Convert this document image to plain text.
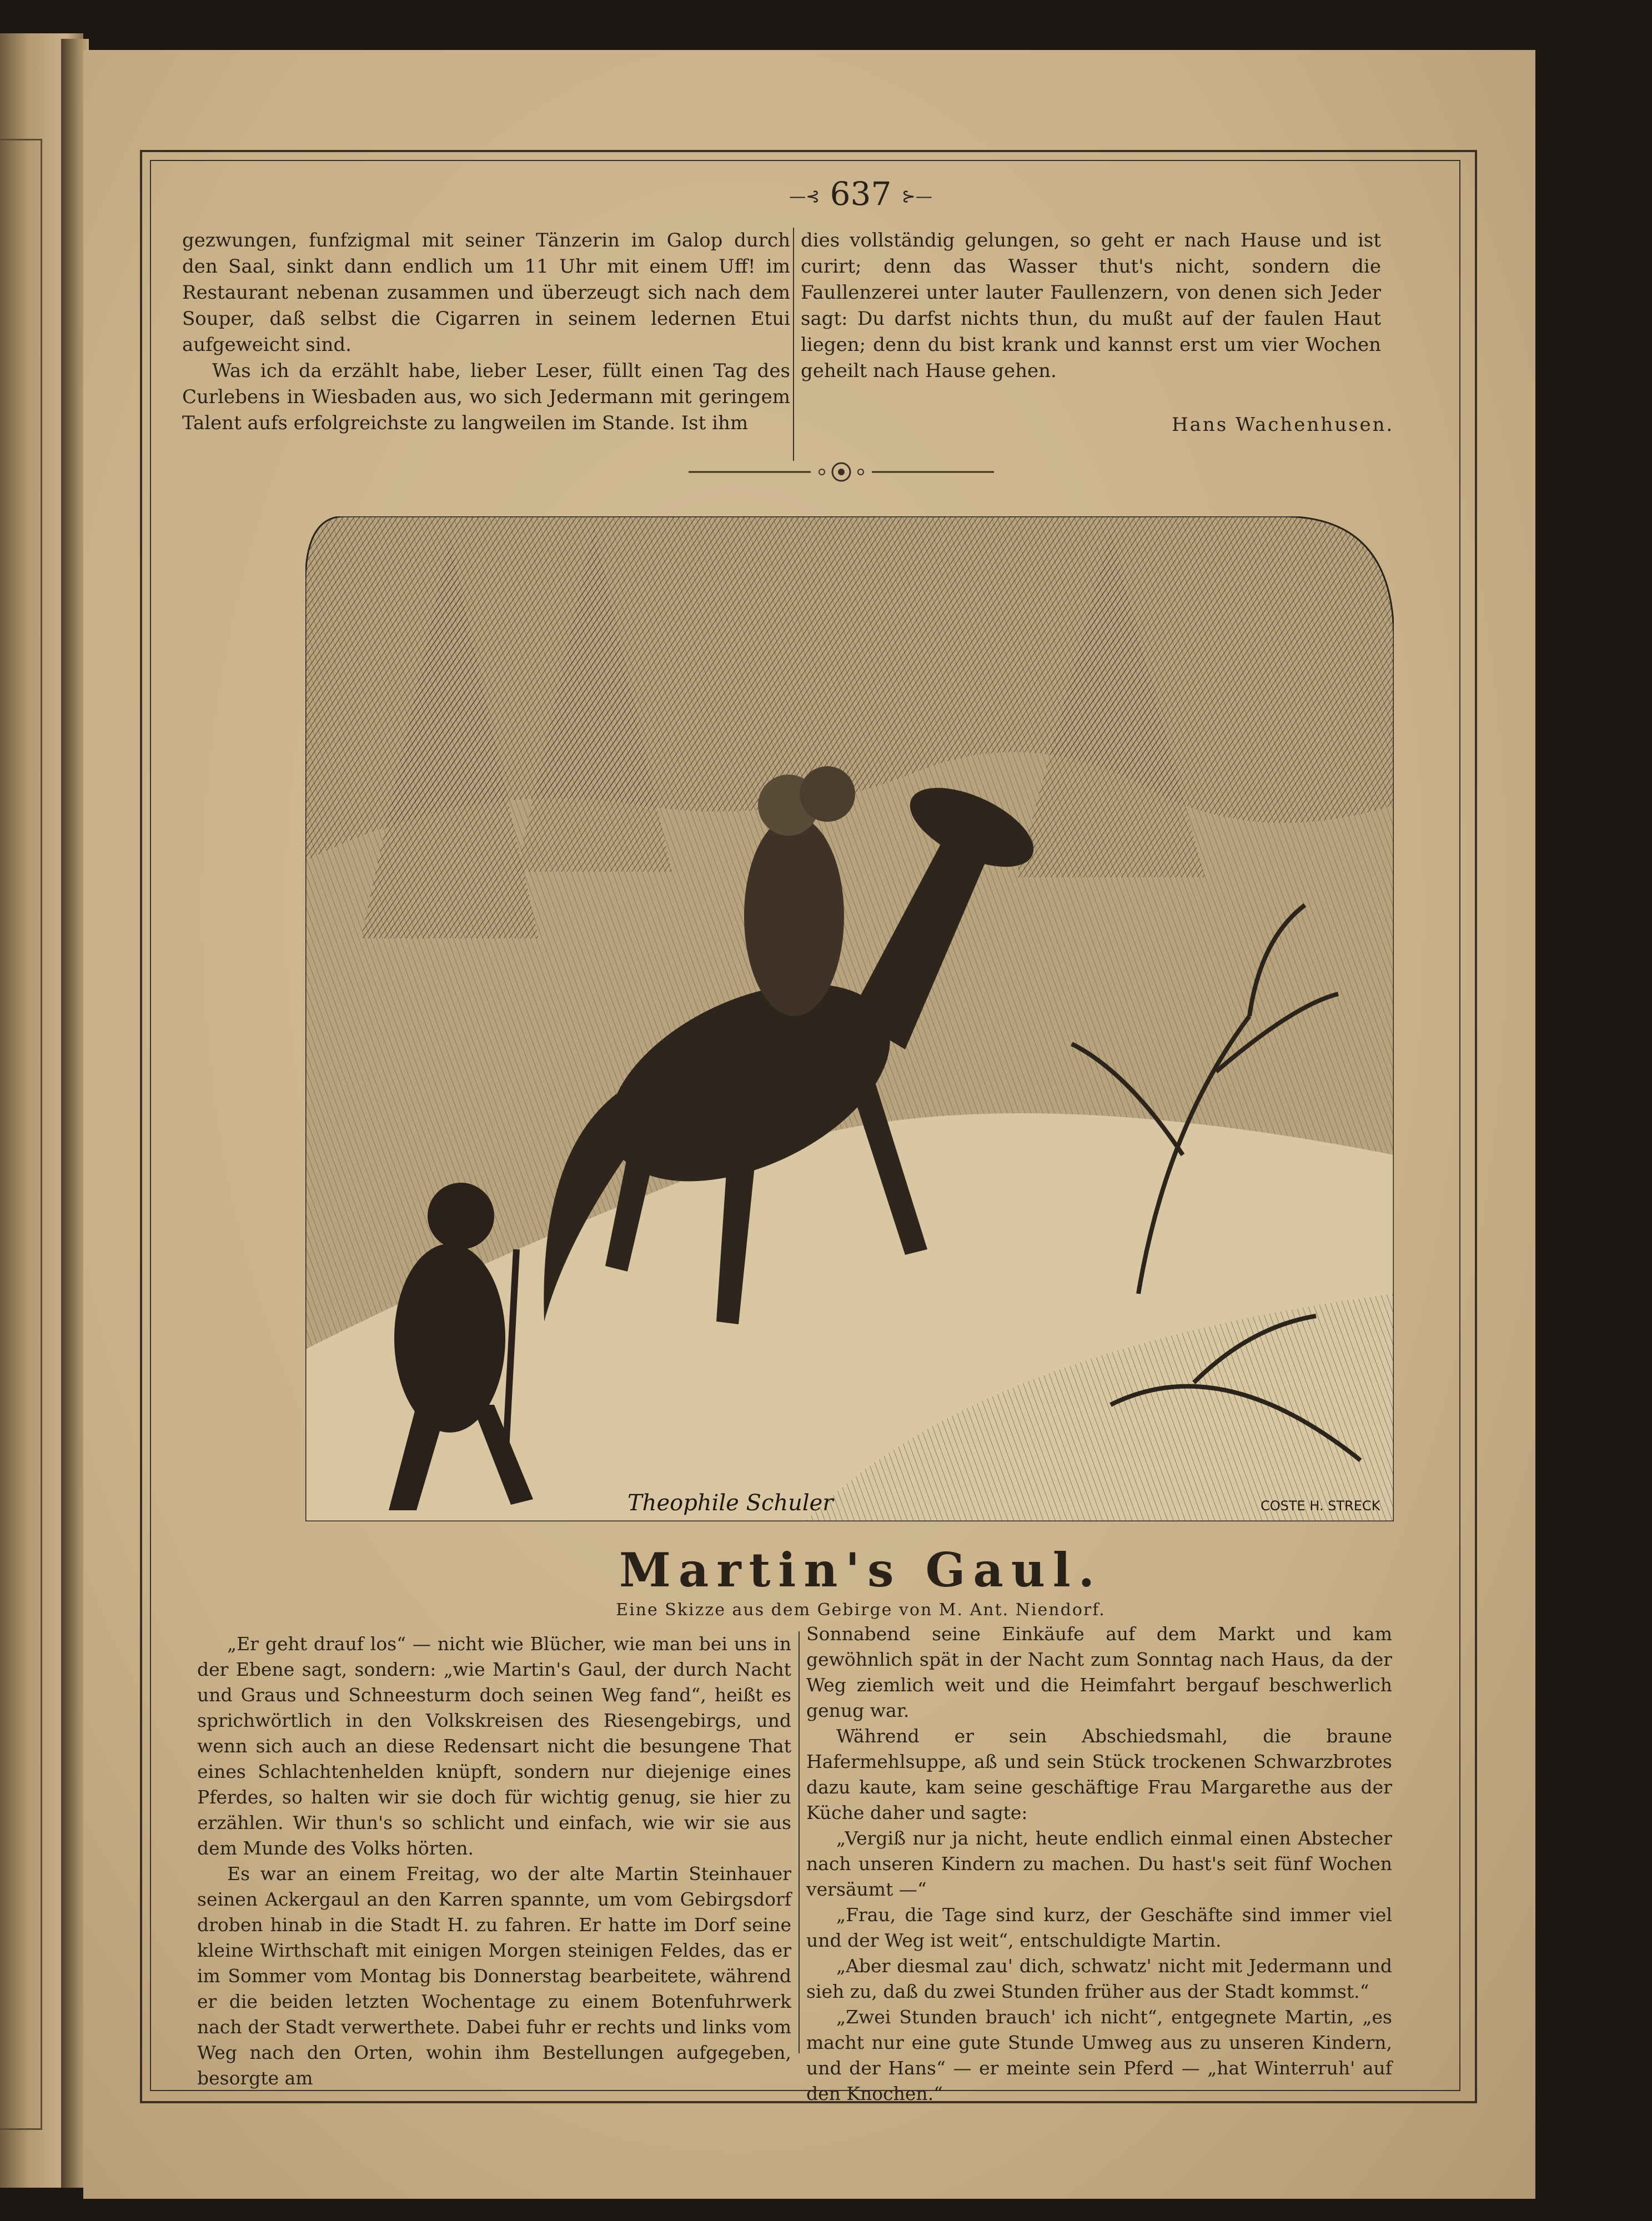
—⊰ 637 ⊱—

gezwungen, funfzigmal mit seiner Tänzerin im Galop durch den Saal, sinkt dann endlich um 11 Uhr mit einem Uff! im Restaurant nebenan zusammen und überzeugt sich nach dem Souper, daß selbst die Cigarren in seinem ledernen Etui aufgeweicht sind.

Was ich da erzählt habe, lieber Leser, füllt einen Tag des Curlebens in Wiesbaden aus, wo sich Jedermann mit geringem Talent aufs erfolgreichste zu langweilen im Stande. Ist ihm

dies vollständig gelungen, so geht er nach Hause und ist curirt; denn das Wasser thut's nicht, sondern die Faullenzerei unter lauter Faullenzern, von denen sich Jeder sagt: Du darfst nichts thun, du mußt auf der faulen Haut liegen; denn du bist krank und kannst erst um vier Wochen geheilt nach Hause gehen.

Hans Wachenhusen.
Theophile Schuler	COSTE H. STRECK
Martin's Gaul.
Eine Skizze aus dem Gebirge von M. Ant. Niendorf.

„Er geht drauf los“ — nicht wie Blücher, wie man bei uns in der Ebene sagt, sondern: „wie Martin's Gaul, der durch Nacht und Graus und Schneesturm doch seinen Weg fand“, heißt es sprichwörtlich in den Volkskreisen des Riesengebirgs, und wenn sich auch an diese Redensart nicht die besungene That eines Schlachtenhelden knüpft, sondern nur diejenige eines Pferdes, so halten wir sie doch für wichtig genug, sie hier zu erzählen. Wir thun's so schlicht und einfach, wie wir sie aus dem Munde des Volks hörten.

Es war an einem Freitag, wo der alte Martin Steinhauer seinen Ackergaul an den Karren spannte, um vom Gebirgsdorf droben hinab in die Stadt H. zu fahren. Er hatte im Dorf seine kleine Wirthschaft mit einigen Morgen steinigen Feldes, das er im Sommer vom Montag bis Donnerstag bearbeitete, während er die beiden letzten Wochentage zu einem Botenfuhrwerk nach der Stadt verwerthete. Dabei fuhr er rechts und links vom Weg nach den Orten, wohin ihm Bestellungen aufgegeben, besorgte am

Sonnabend seine Einkäufe auf dem Markt und kam gewöhnlich spät in der Nacht zum Sonntag nach Haus, da der Weg ziemlich weit und die Heimfahrt bergauf beschwerlich genug war.

Während er sein Abschiedsmahl, die braune Hafermehlsuppe, aß und sein Stück trockenen Schwarzbrotes dazu kaute, kam seine geschäftige Frau Margarethe aus der Küche daher und sagte:

„Vergiß nur ja nicht, heute endlich einmal einen Abstecher nach unseren Kindern zu machen. Du hast's seit fünf Wochen versäumt —“

„Frau, die Tage sind kurz, der Geschäfte sind immer viel und der Weg ist weit“, entschuldigte Martin.

„Aber diesmal zau' dich, schwatz' nicht mit Jedermann und sieh zu, daß du zwei Stunden früher aus der Stadt kommst.“

„Zwei Stunden brauch' ich nicht“, entgegnete Martin, „es macht nur eine gute Stunde Umweg aus zu unseren Kindern, und der Hans“ — er meinte sein Pferd — „hat Winterruh' auf den Knochen.“
